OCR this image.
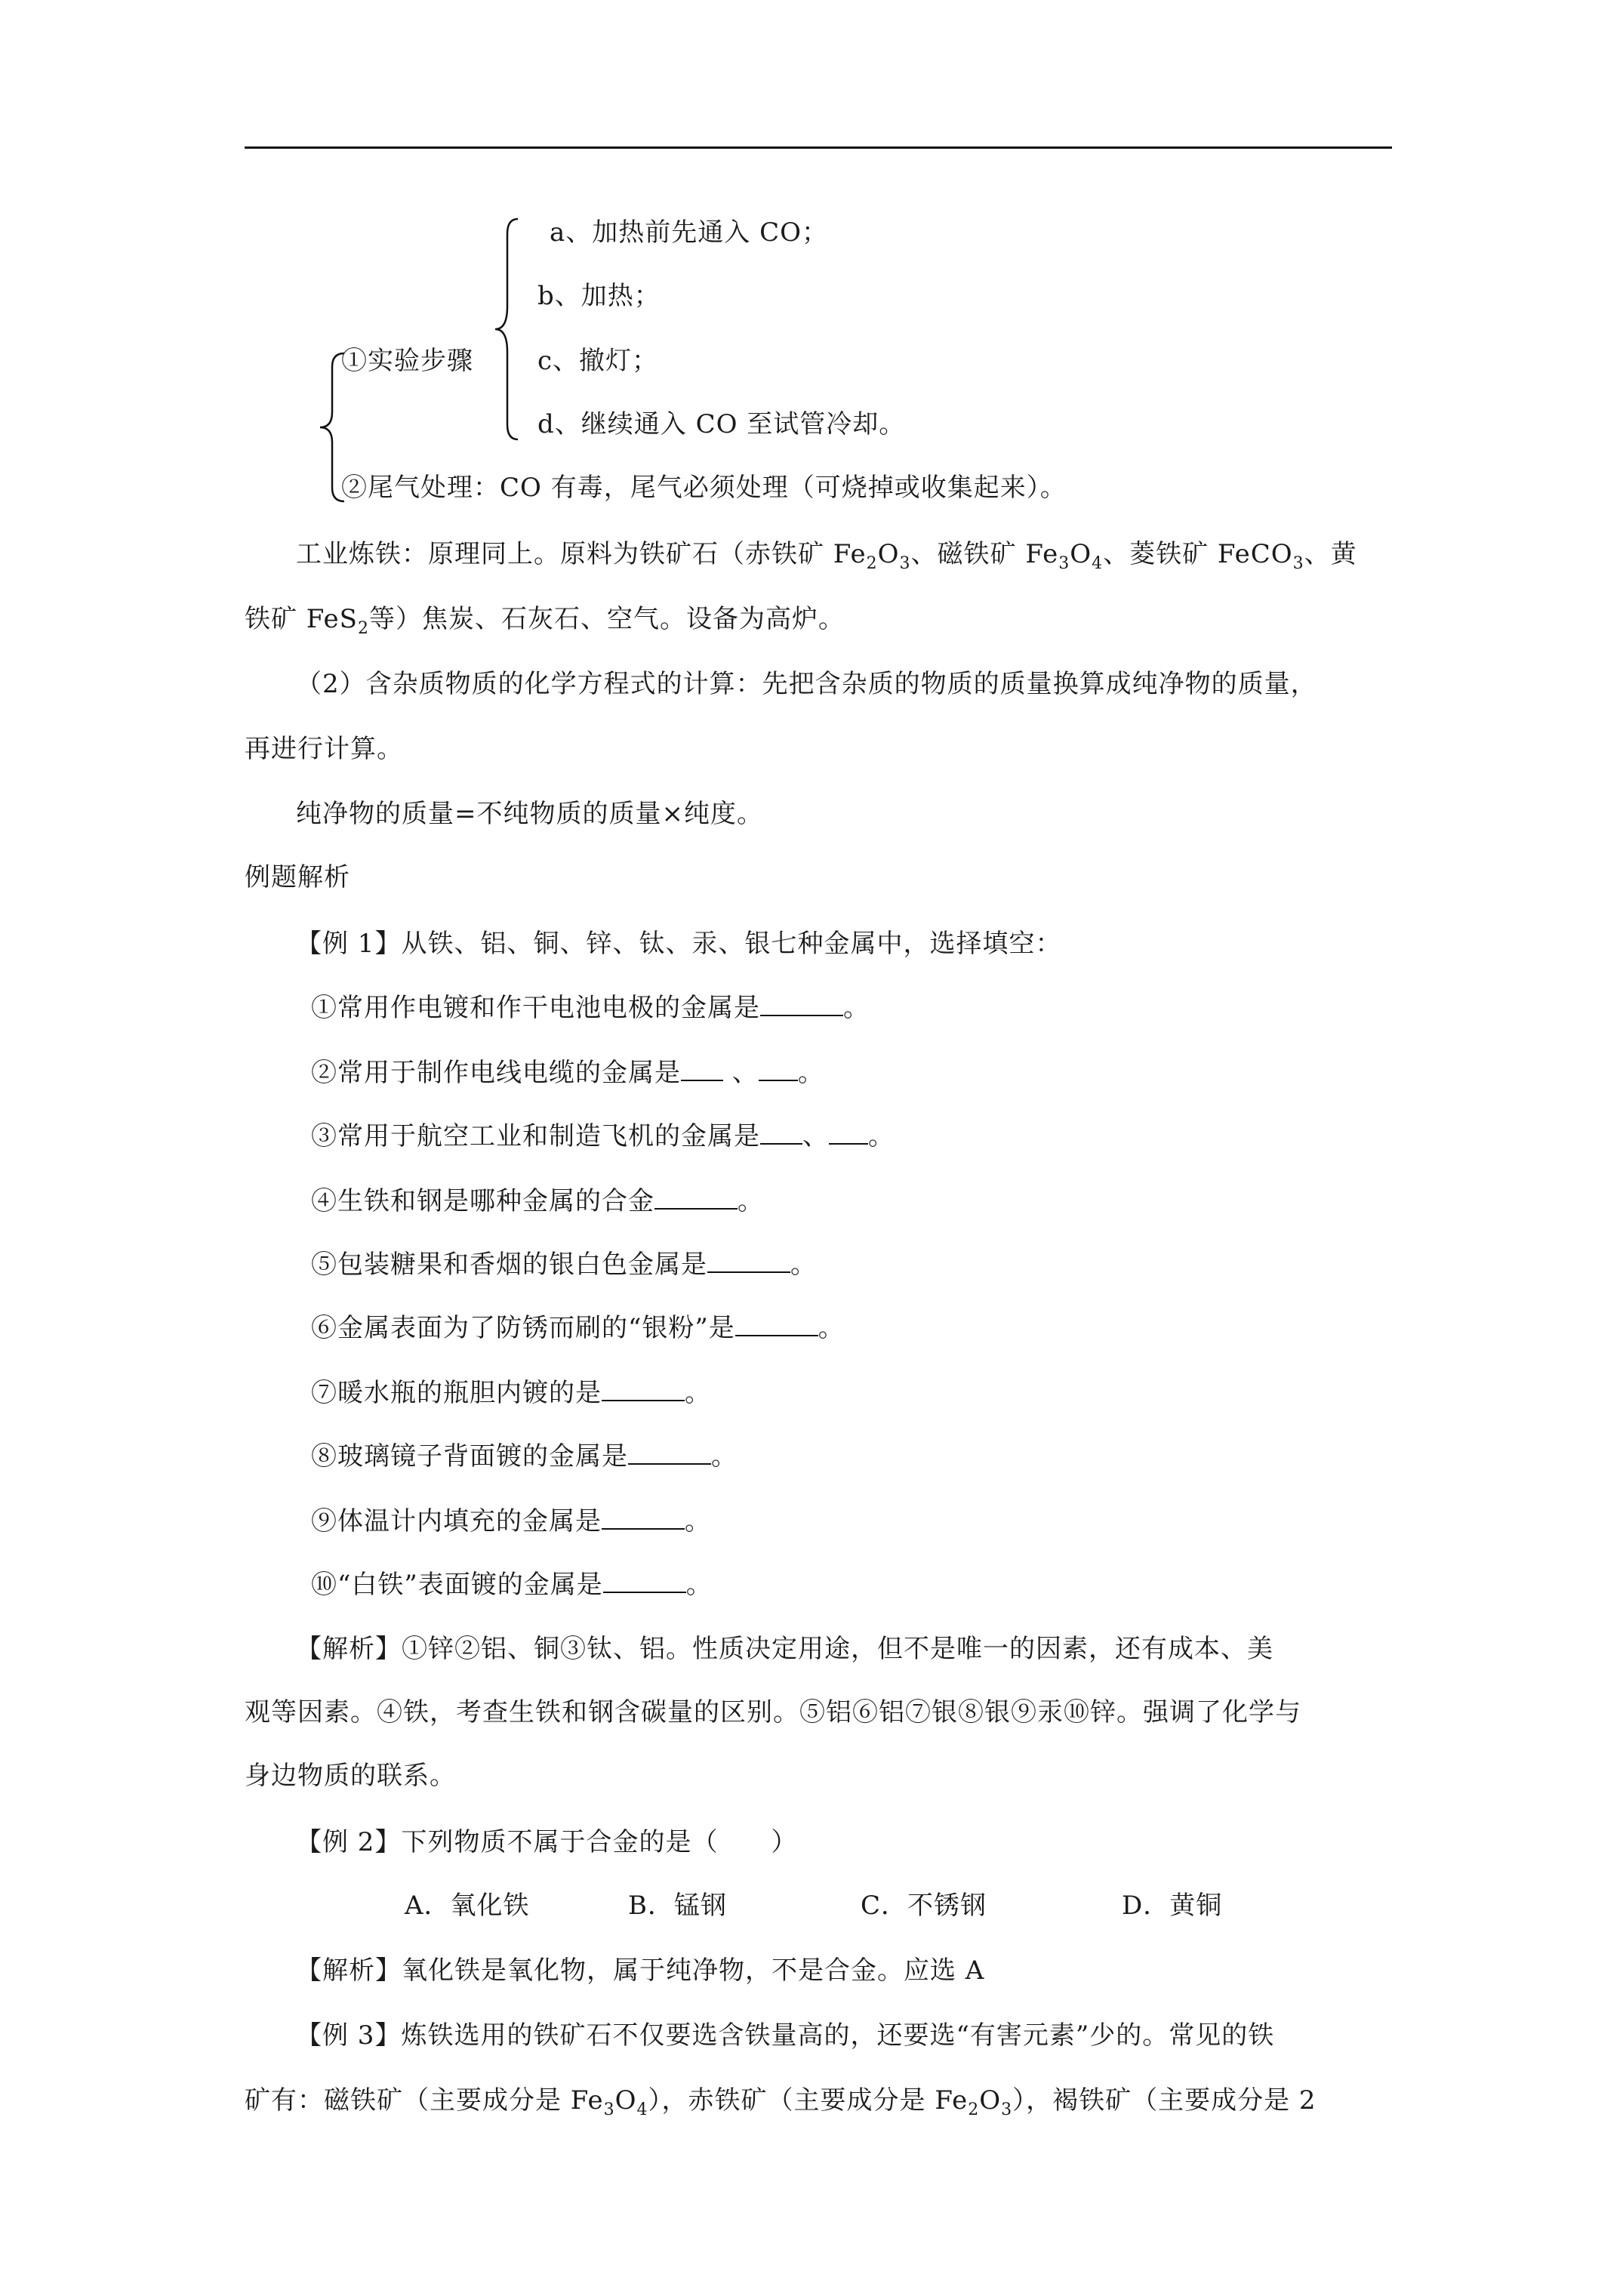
a、加热前先通入 CO；
b、加热；
①实验步骤	c、撤灯；
d、继续通入 CO 至试管冷却。
②尾气处理：CO 有毒，尾气必须处理（可烧掉或收集起来）。
工业炼铁：原理同上。原料为铁矿石（赤铁矿 $Fe_2O_3$、磁铁矿 $Fe_3O_4$、菱铁矿 FeCO$_3$、黄
铁矿 FeS$_2$等）焦炭、石灰石、空气。设备为高炉。
（2）含杂质物质的化学方程式的计算：先把含杂质的物质的质量换算成纯净物的质量，
再进行计算。
纯净物的质量=不纯物质的质量×纯度。
例题解析
【例 1】从铁、铝、铜、锌、钛、汞、银七种金属中，选择填空：
①常用作电镀和作干电池电极的金属是	。
②常用于制作电线电缆的金属是 、 。
③常用于航空工业和制造飞机的金属是 、 。
④生铁和钢是哪种金属的合金	。
⑤包装糖果和香烟的银白色金属是	。
⑥金属表面为了防锈而刷的“银粉”是	。
⑦暖水瓶的瓶胆内镀的是	。
⑧玻璃镜子背面镀的金属是	。
⑨体温计内填充的金属是	。
⑩“白铁”表面镀的金属是	。
【解析】①锌②铝、铜③钛、铝。性质决定用途，但不是唯一的因素，还有成本、美
观等因素。④铁，考查生铁和钢含碳量的区别。⑤铝⑥铝⑦银⑧银⑨汞⑩锌。强调了化学与
身边物质的联系。
【例 2】下列物质不属于合金的是（　　）
A．氧化铁	B．锰钢	C．不锈钢	D．黄铜
【解析】氧化铁是氧化物，属于纯净物，不是合金。应选 A
【例 3】炼铁选用的铁矿石不仅要选含铁量高的，还要选“有害元素”少的。常见的铁
矿有：磁铁矿（主要成分是 $Fe_3O_4$），赤铁矿（主要成分是 $Fe_2O_3$），褐铁矿（主要成分是 2
